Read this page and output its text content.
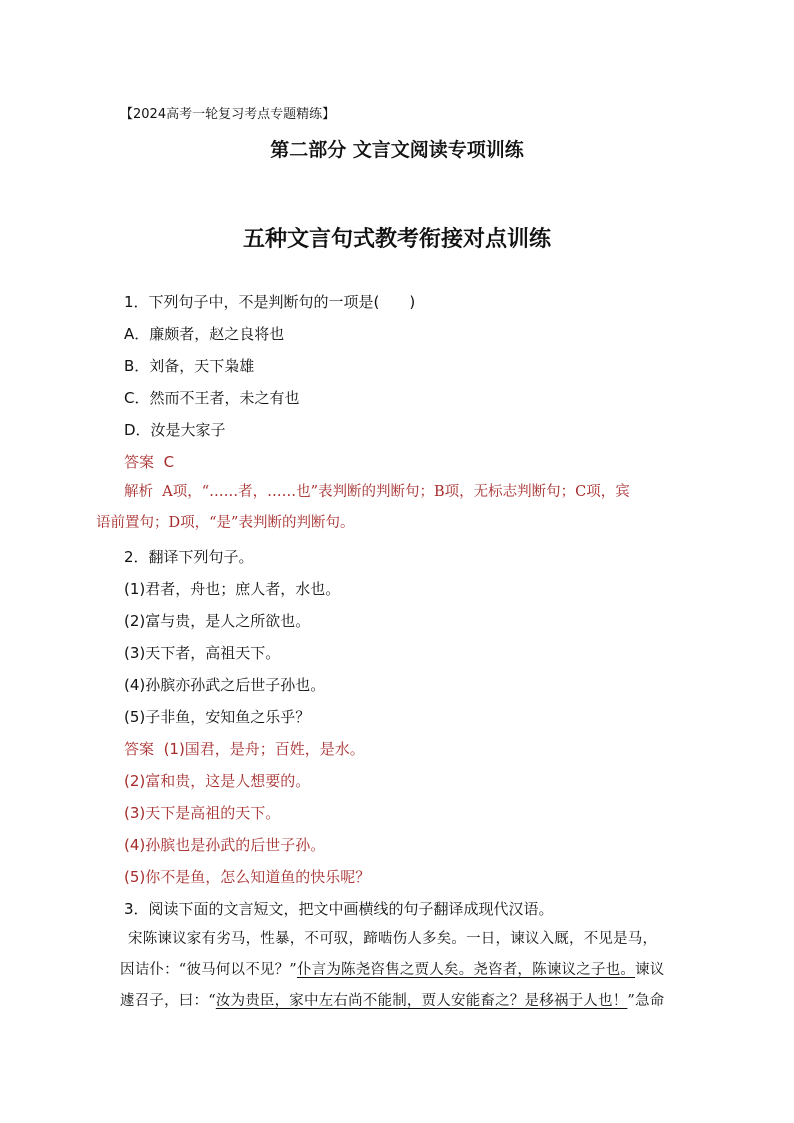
【2024高考一轮复习考点专题精练】
第二部分 文言文阅读专项训练
五种文言句式教考衔接对点训练
1．下列句子中，不是判断句的一项是(　　)
A．廉颇者，赵之良将也
B．刘备，天下枭雄
C．然而不王者，未之有也
D．汝是大家子
答案 C
解析 A项，“……者，……也”表判断的判断句；B项，无标志判断句；C项，宾
语前置句；D项，“是”表判断的判断句。
2．翻译下列句子。
(1)君者，舟也；庶人者，水也。
(2)富与贵，是人之所欲也。
(3)天下者，高祖天下。
(4)孙膑亦孙武之后世子孙也。
(5)子非鱼，安知鱼之乐乎？
答案 (1)国君，是舟；百姓，是水。
(2)富和贵，这是人想要的。
(3)天下是高祖的天下。
(4)孙膑也是孙武的后世子孙。
(5)你不是鱼，怎么知道鱼的快乐呢？
3．阅读下面的文言短文，把文中画横线的句子翻译成现代汉语。
宋陈谏议家有劣马，性暴，不可驭，蹄啮伤人多矣。一日，谏议入厩，不见是马，
因诘仆：“彼马何以不见？”仆言为陈尧咨售之贾人矣。尧咨者，陈谏议之子也。谏议
遽召子，曰：“汝为贵臣，家中左右尚不能制，贾人安能畜之？是移祸于人也！”急命
